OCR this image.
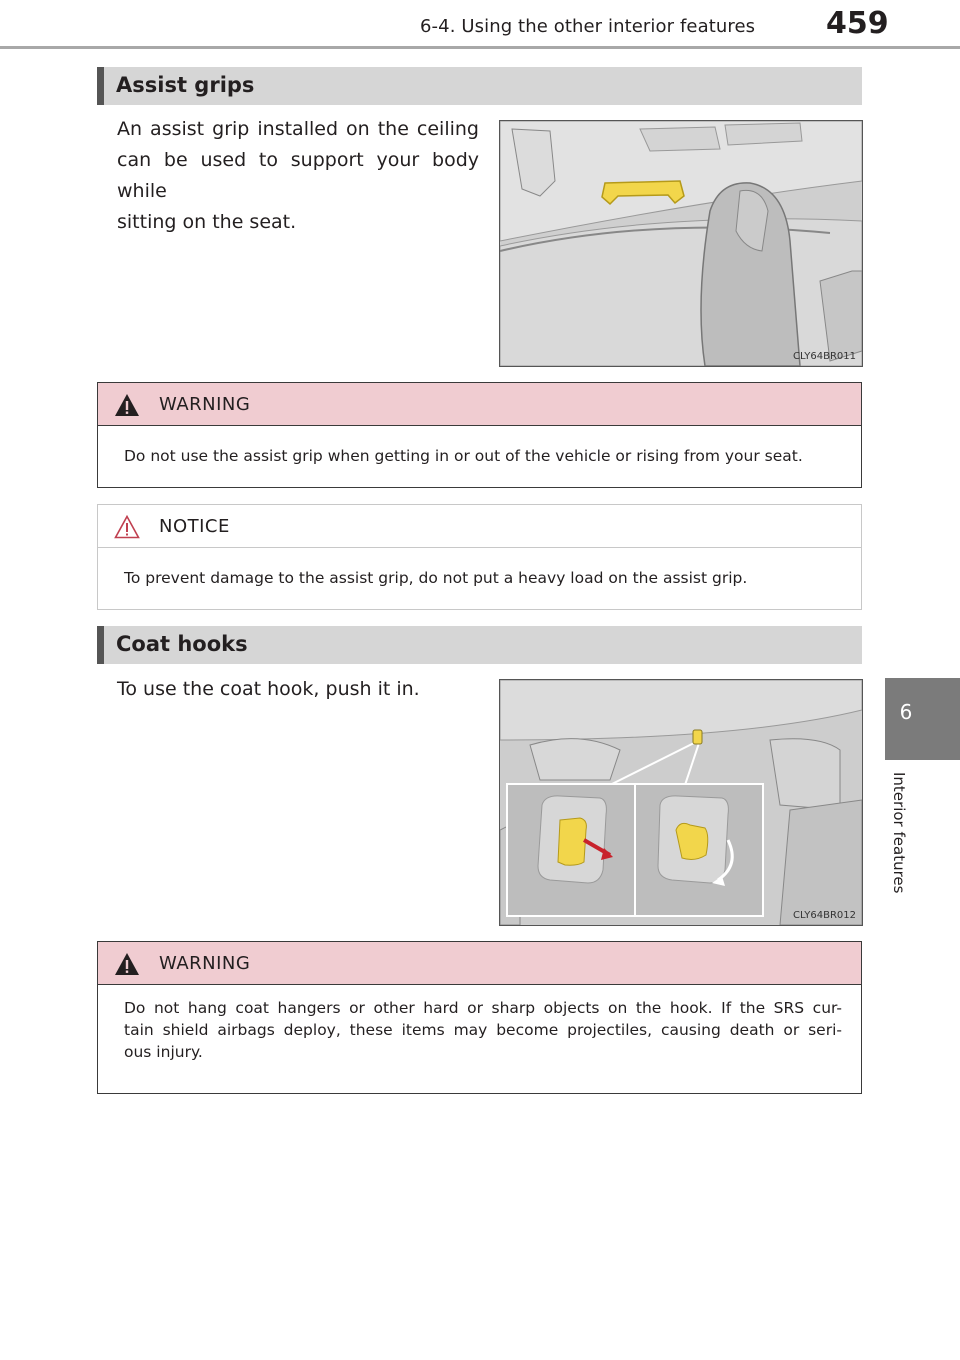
6-4. Using the other interior features 459
6
Interior features
Assist grips
An assist grip installed on the ceiling
can be used to support your body while
sitting on the seat.
CLY64BR011
WARNING
Do not use the assist grip when getting in or out of the vehicle or rising from your seat.
NOTICE
To prevent damage to the assist grip, do not put a heavy load on the assist grip.
Coat hooks
To use the coat hook, push it in.
CLY64BR012
WARNING
Do not hang coat hangers or other hard or sharp objects on the hook. If the SRS cur-
tain shield airbags deploy, these items may become projectiles, causing death or seri-
ous injury.
